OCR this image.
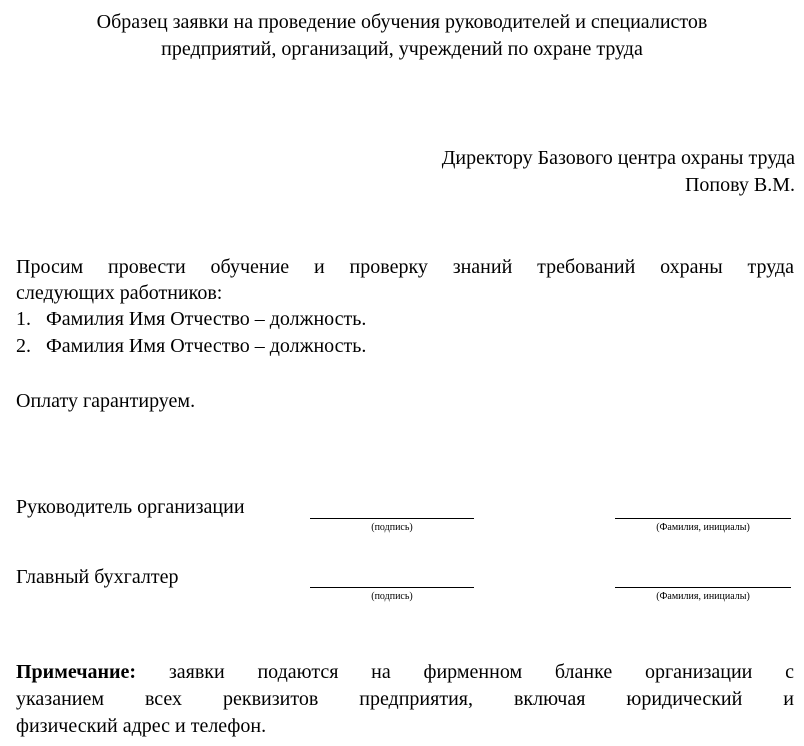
Образец заявки на проведение обучения руководителей и специалистов
предприятий, организаций, учреждений по охране труда
Директору Базового центра охраны труда
Попову В.М.
Просим провести обучение и проверку знаний требований охраны труда
следующих работников:
1. Фамилия Имя Отчество – должность.
2. Фамилия Имя Отчество – должность.
Оплату гарантируем.
Руководитель организации
(подпись)	(Фамилия, инициалы)
Главный бухгалтер
(подпись)	(Фамилия, инициалы)
Примечание: заявки подаются на фирменном бланке организации с
указанием всех реквизитов предприятия, включая юридический и
физический адрес и телефон.
